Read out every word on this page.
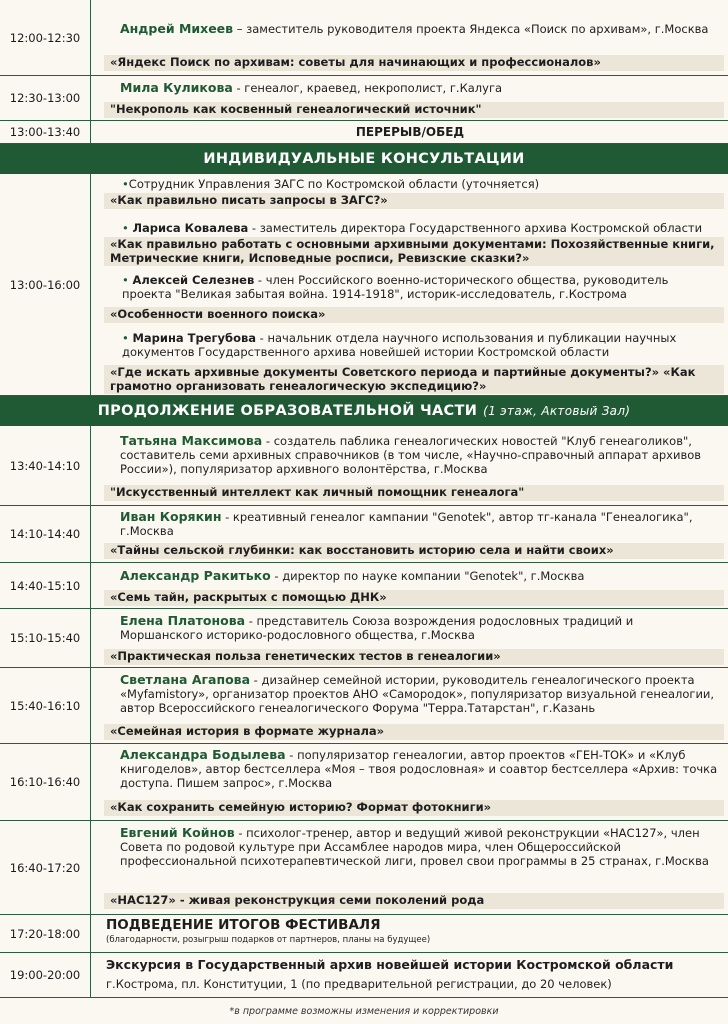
12:00-12:30
Андрей Михеев – заместитель руководителя проекта Яндекса «Поиск по архивам», г.Москва
«Яндекс Поиск по архивам: советы для начинающих и профессионалов»
12:30-13:00
Мила Куликова - генеалог, краевед, некрополист, г.Калуга
"Некрополь как косвенный генеалогический источник"
13:00-13:40	ПЕРЕРЫВ/ОБЕД
ИНДИВИДУАЛЬНЫЕ КОНСУЛЬТАЦИИ
13:00-16:00
•Сотрудник Управления ЗАГС по Костромской области (уточняется)
«Как правильно писать запросы в ЗАГС?»
• Лариса Ковалева - заместитель директора Государственного архива Костромской области
«Как правильно работать с основными архивными документами: Похозяйственные книги, Метрические книги, Исповедные росписи, Ревизские сказки?»
• Алексей Селезнев - член Российского военно-исторического общества, руководитель проекта "Великая забытая война. 1914-1918", историк-исследователь, г.Кострома
«Особенности военного поиска»
• Марина Трегубова - начальник отдела научного использования и публикации научных документов Государственного архива новейшей истории Костромской области
«Где искать архивные документы Советского периода и партийные документы?» «Как грамотно организовать генеалогическую экспедицию?»
ПРОДОЛЖЕНИЕ ОБРАЗОВАТЕЛЬНОЙ ЧАСТИ (1 этаж, Актовый Зал)
13:40-14:10
Татьяна Максимова - создатель паблика генеалогических новостей "Клуб генеаголиков", составитель семи архивных справочников (в том числе, «Научно-справочный аппарат архивов России»), популяризатор архивного волонтёрства, г.Москва
"Искусственный интеллект как личный помощник генеалога"
14:10-14:40
Иван Корякин - креативный генеалог кампании "Genotek", автор тг-канала "Генеалогика", г.Москва
«Тайны сельской глубинки: как восстановить историю села и найти своих»
14:40-15:10
Александр Ракитько - директор по науке компании "Genotek", г.Москва
«Семь тайн, раскрытых с помощью ДНК»
15:10-15:40
Елена Платонова - представитель Союза возрождения родословных традиций и Моршанского историко-родословного общества, г.Москва
«Практическая польза генетических тестов в генеалогии»
15:40-16:10
Светлана Агапова - дизайнер семейной истории, руководитель генеалогического проекта «Myfamistory», организатор проектов АНО «Самородок», популяризатор визуальной генеалогии, автор Всероссийского генеалогического Форума "Терра.Татарстан", г.Казань
«Семейная история в формате журнала»
16:10-16:40
Александра Бодылева - популяризатор генеалогии, автор проектов «ГЕН-ТОК» и «Клуб книгоделов», автор бестселлера «Моя – твоя родословная» и соавтор бестселлера «Архив: точка доступа. Пишем запрос», г.Москва
«Как сохранить семейную историю? Формат фотокниги»
16:40-17:20
Евгений Койнов - психолог-тренер, автор и ведущий живой реконструкции «НАС127», член Совета по родовой культуре при Ассамблее народов мира, член Общероссийской профессиональной психотерапевтической лиги, провел свои программы в 25 странах, г.Москва
«НАС127» - живая реконструкция семи поколений рода
17:20-18:00
ПОДВЕДЕНИЕ ИТОГОВ ФЕСТИВАЛЯ
(благодарности, розыгрыш подарков от партнеров, планы на будущее)
19:00-20:00
Экскурсия в Государственный архив новейшей истории Костромской области
г.Кострома, пл. Конституции, 1 (по предварительной регистрации, до 20 человек)
*в программе возможны изменения и корректировки
